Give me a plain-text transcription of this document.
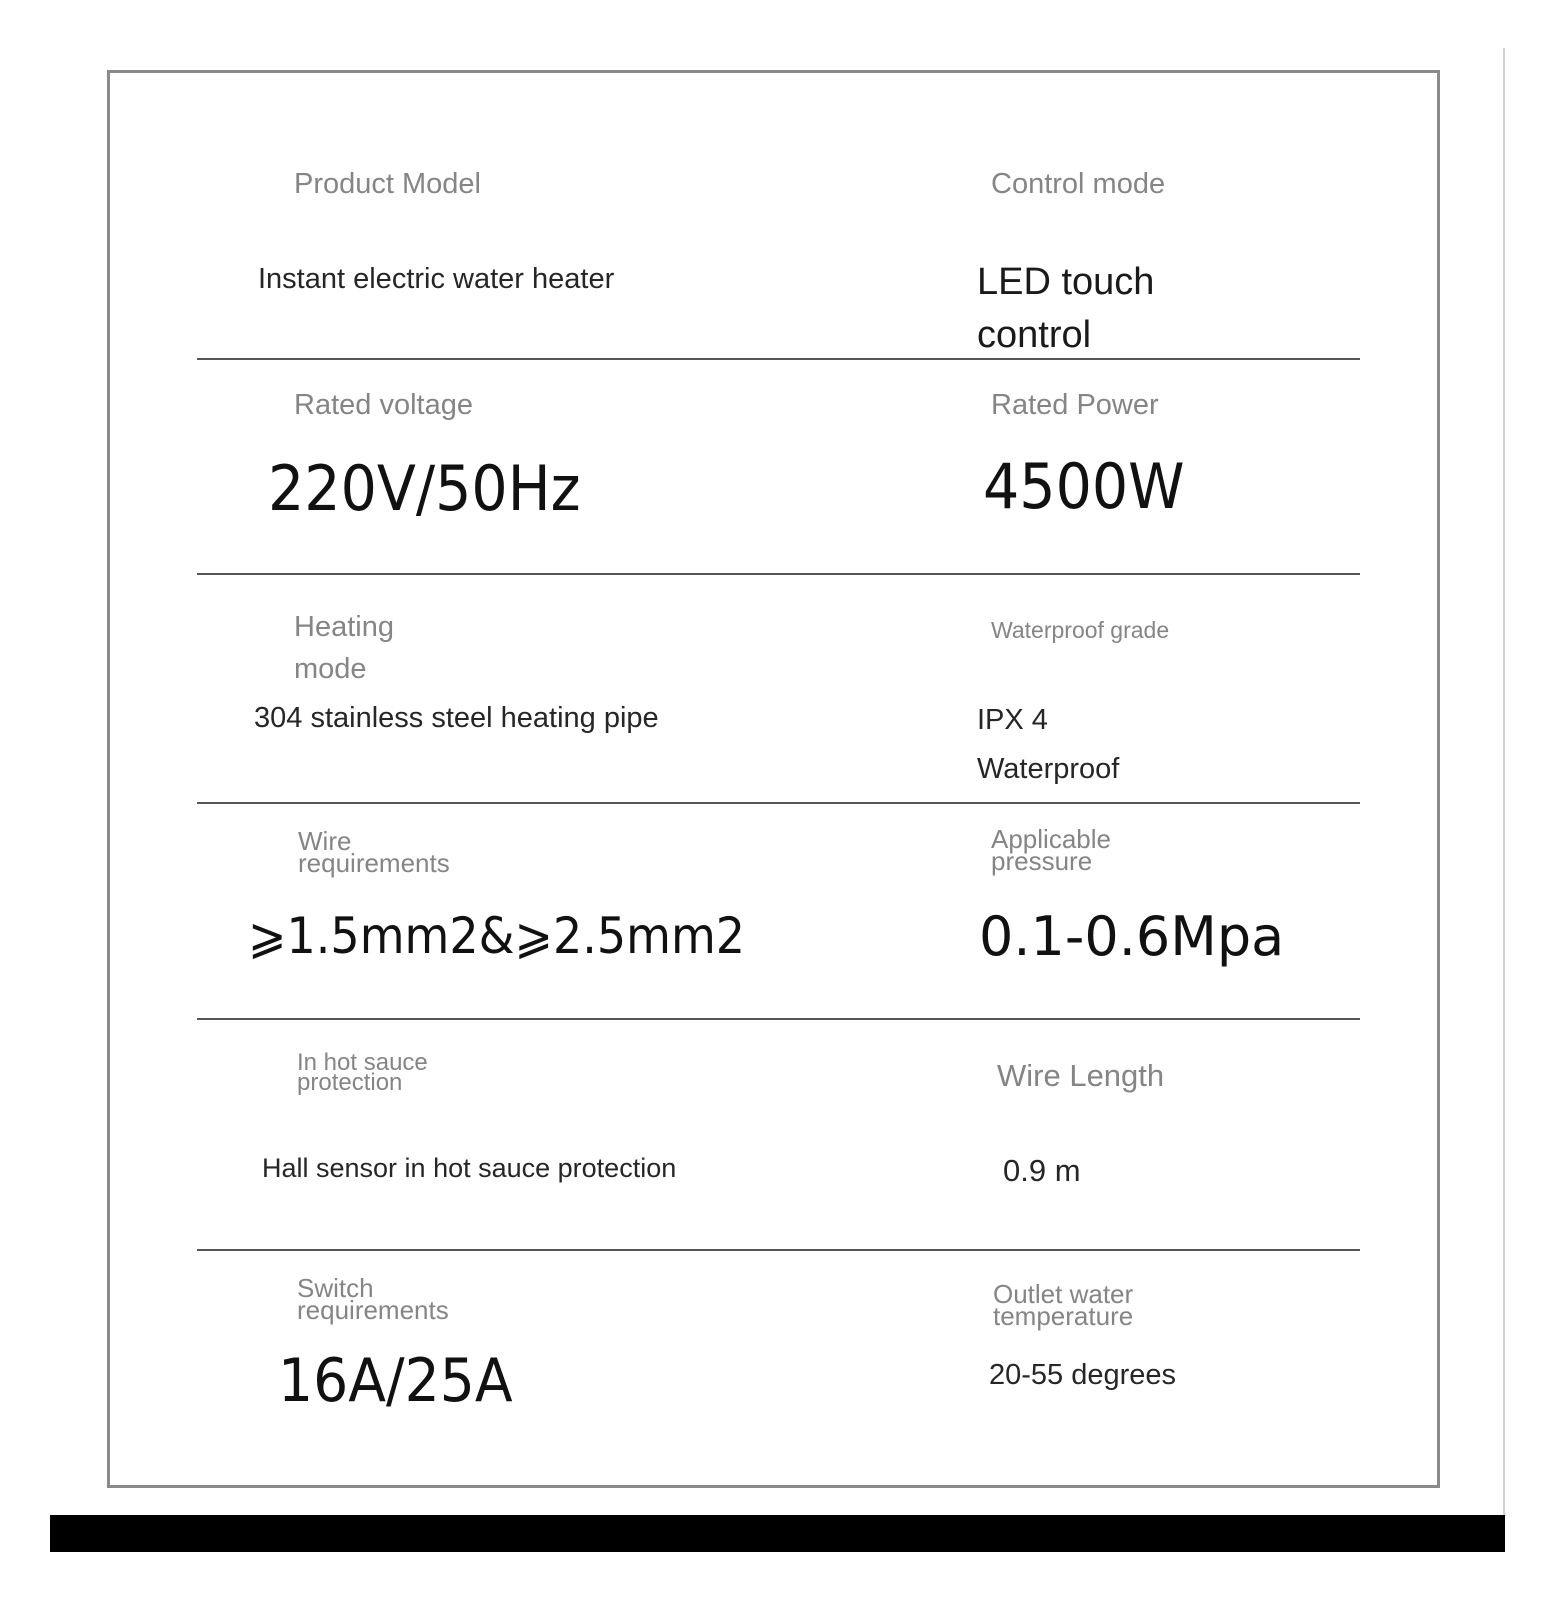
Product Model
Instant electric water heater
Control mode
LED touch
control
Rated voltage
220V/50Hz
Rated Power
4500W
Heating
mode
304 stainless steel heating pipe
Waterproof grade
IPX 4
Waterproof
Wire
requirements
⩾1.5mm2&⩾2.5mm2
Applicable
pressure
0.1-0.6Mpa
In hot sauce
protection
Hall sensor in hot sauce protection
Wire Length
0.9 m
Switch
requirements
16A/25A
Outlet water
temperature
20-55 degrees
